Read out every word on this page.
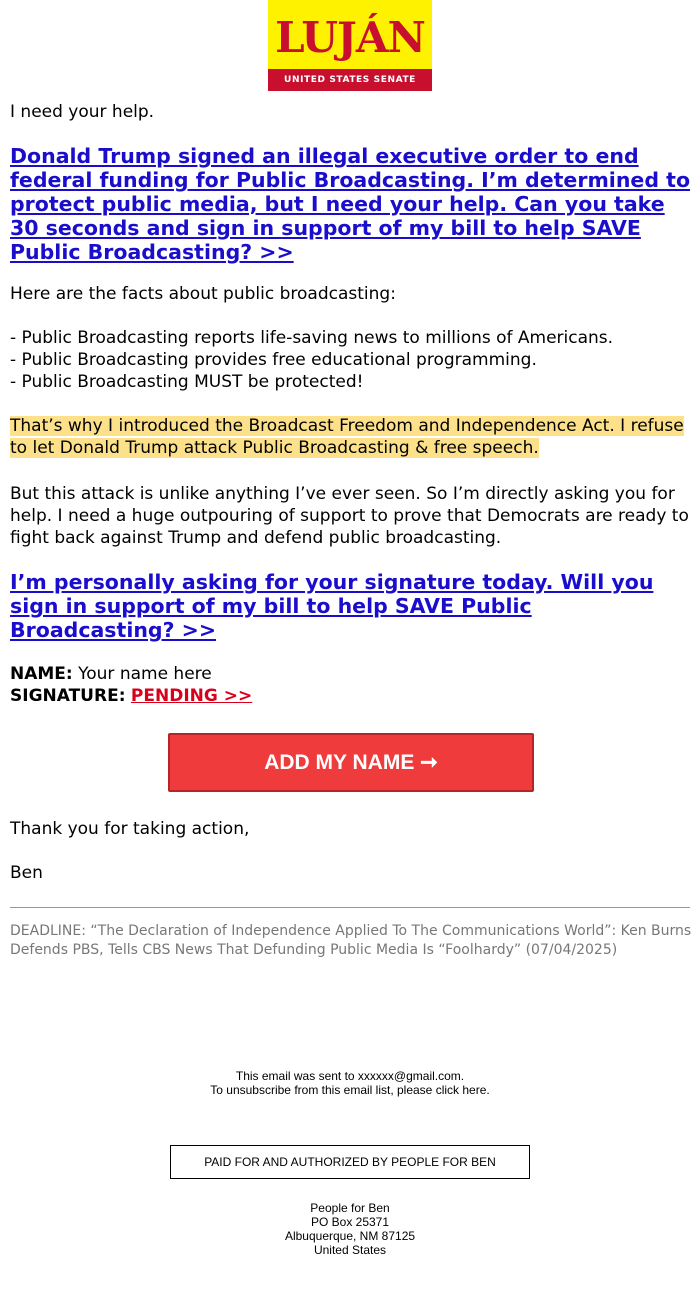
LUJÁN
UNITED STATES SENATE

I need your help.

Donald Trump signed an illegal executive order to end federal funding for Public Broadcasting. I’m determined to protect public media, but I need your help. Can you take 30 seconds and sign in support of my bill to help SAVE Public Broadcasting? >>

Here are the facts about public broadcasting:

- Public Broadcasting reports life-saving news to millions of Americans.
- Public Broadcasting provides free educational programming.
- Public Broadcasting MUST be protected!

That’s why I introduced the Broadcast Freedom and Independence Act. I refuse to let Donald Trump attack Public Broadcasting & free speech.

But this attack is unlike anything I’ve ever seen. So I’m directly asking you for help. I need a huge outpouring of support to prove that Democrats are ready to fight back against Trump and defend public broadcasting.

I’m personally asking for your signature today. Will you sign in support of my bill to help SAVE Public Broadcasting? >>

NAME: Your name here

SIGNATURE: PENDING >>

ADD MY NAME ➞

Thank you for taking action,

Ben

DEADLINE: “The Declaration of Independence Applied To The Communications World”: Ken Burns Defends PBS, Tells CBS News That Defunding Public Media Is “Foolhardy” (07/04/2025)
This email was sent to xxxxxx@gmail.com.
To unsubscribe from this email list, please click here.
PAID FOR AND AUTHORIZED BY PEOPLE FOR BEN
People for Ben
PO Box 25371
Albuquerque, NM 87125
United States
